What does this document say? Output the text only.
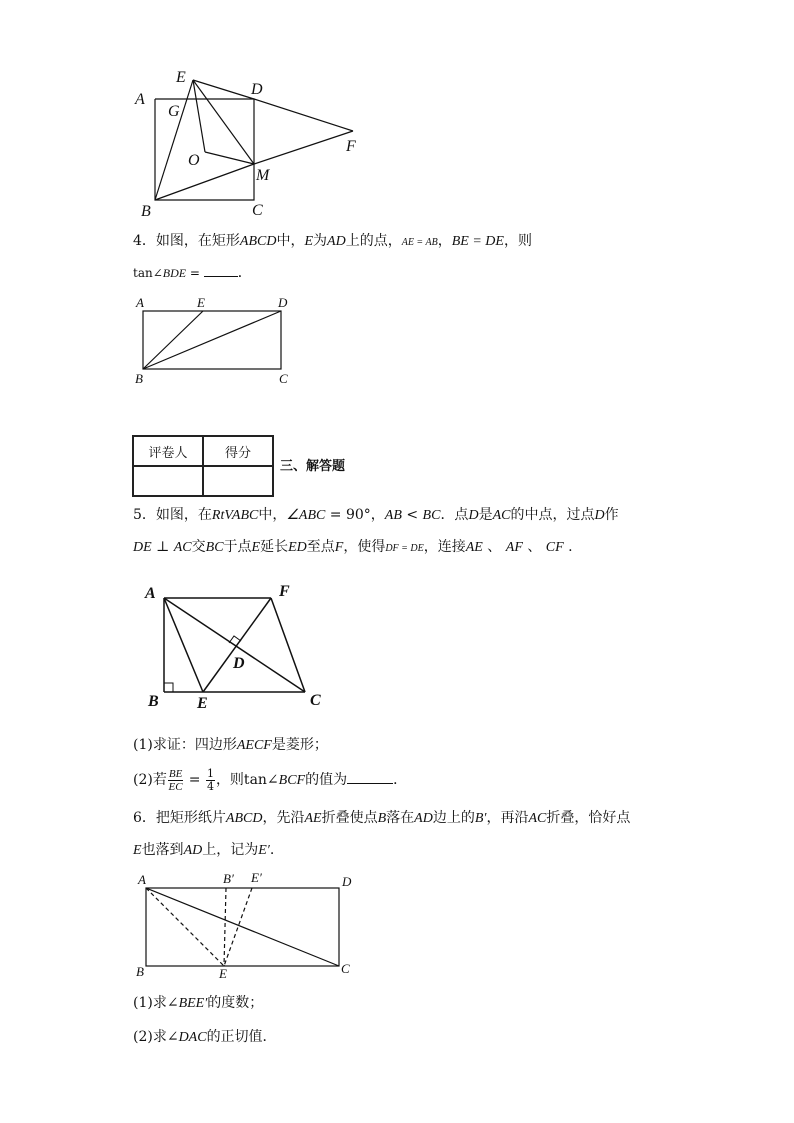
A
E
D
G
O
F
M
B	C
4．如图，在矩形ABCD中，E为AD上的点，AE = AB，BE = DE，则
tan∠BDE = ．
A	E	D
B	C
评卷人	得分

三、解答题
5．如图，在RtVABC中，∠ABC = 90°，AB < BC．点D是AC的中点，过点D作
DE ⊥ AC交BC于点E延长ED至点F，使得DF = DE，连接AE 、 AF 、 CF .
A	F
D
B E	C
(1)求证：四边形AECF是菱形；
(2)若 $\frac{BE}{EC} = \frac{1}{4}$ ，则tan∠BCF的值为	．
6．把矩形纸片ABCD，先沿AE折叠使点B落在AD边上的B′，再沿AC折叠，恰好点
E也落到AD上，记为E′.
A	B′ E′	D
B	E	C
(1)求∠BEE′的度数；
(2)求∠DAC的正切值．
